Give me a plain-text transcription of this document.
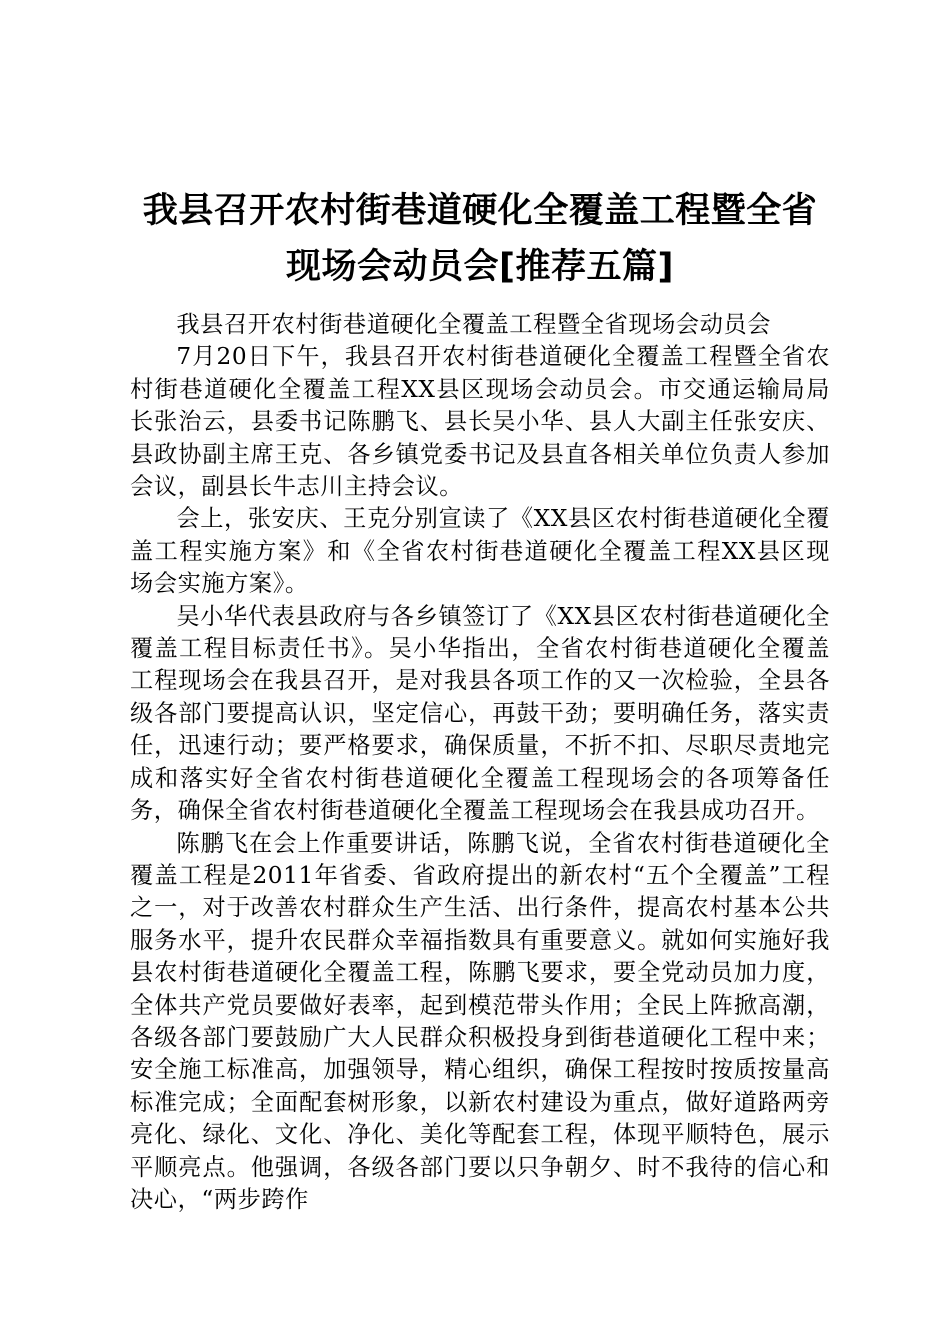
我县召开农村街巷道硬化全覆盖工程暨全省现场会动员会[推荐五篇]

我县召开农村街巷道硬化全覆盖工程暨全省现场会动员会

7月20日下午，我县召开农村街巷道硬化全覆盖工程暨全省农村街巷道硬化全覆盖工程XX县区现场会动员会。市交通运输局局长张治云，县委书记陈鹏飞、县长吴小华、县人大副主任张安庆、县政协副主席王克、各乡镇党委书记及县直各相关单位负责人参加会议，副县长牛志川主持会议。

会上，张安庆、王克分别宣读了《XX县区农村街巷道硬化全覆盖工程实施方案》和《全省农村街巷道硬化全覆盖工程XX县区现场会实施方案》。

吴小华代表县政府与各乡镇签订了《XX县区农村街巷道硬化全覆盖工程目标责任书》。吴小华指出，全省农村街巷道硬化全覆盖工程现场会在我县召开，是对我县各项工作的又一次检验，全县各级各部门要提高认识，坚定信心，再鼓干劲；要明确任务，落实责任，迅速行动；要严格要求，确保质量，不折不扣、尽职尽责地完成和落实好全省农村街巷道硬化全覆盖工程现场会的各项筹备任务，确保全省农村街巷道硬化全覆盖工程现场会在我县成功召开。

陈鹏飞在会上作重要讲话，陈鹏飞说，全省农村街巷道硬化全覆盖工程是2011年省委、省政府提出的新农村“五个全覆盖”工程之一，对于改善农村群众生产生活、出行条件，提高农村基本公共服务水平，提升农民群众幸福指数具有重要意义。就如何实施好我县农村街巷道硬化全覆盖工程，陈鹏飞要求，要全党动员加力度，全体共产党员要做好表率，起到模范带头作用；全民上阵掀高潮，各级各部门要鼓励广大人民群众积极投身到街巷道硬化工程中来；安全施工标准高，加强领导，精心组织，确保工程按时按质按量高标准完成；全面配套树形象，以新农村建设为重点，做好道路两旁亮化、绿化、文化、净化、美化等配套工程，体现平顺特色，展示平顺亮点。他强调，各级各部门要以只争朝夕、时不我待的信心和决心，“两步跨作
